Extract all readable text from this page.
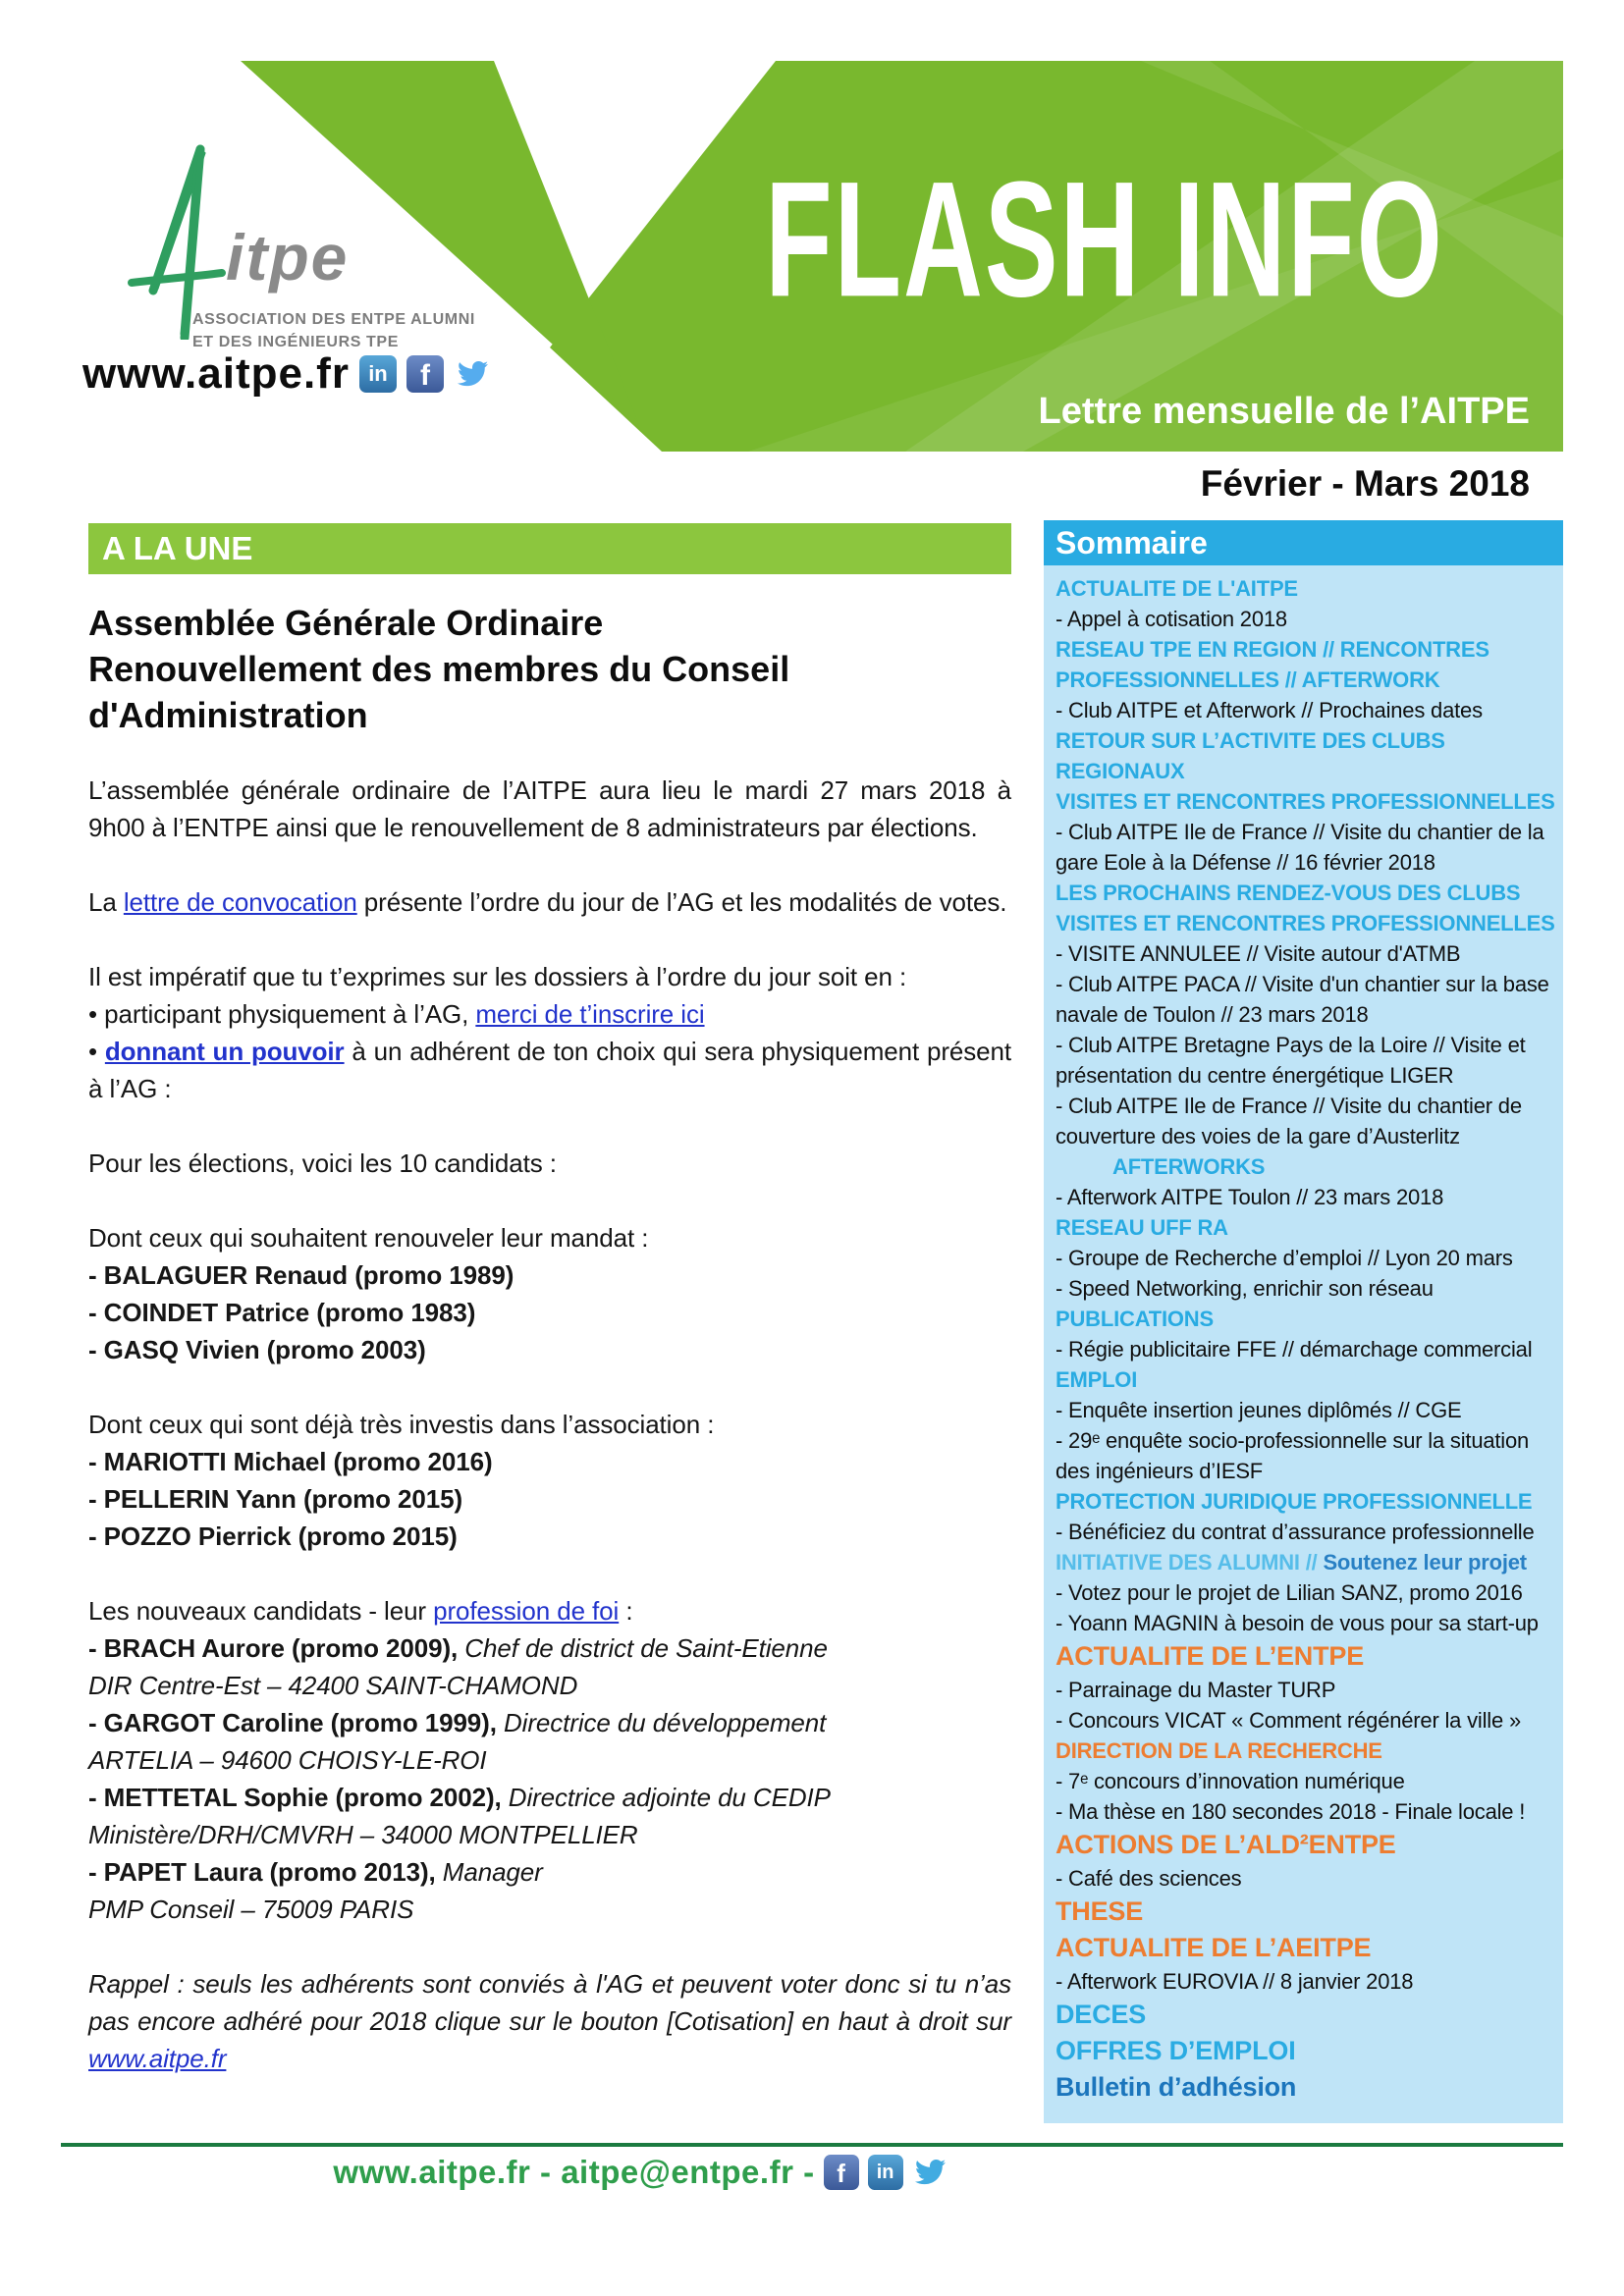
FLASH INFO
Lettre mensuelle de l’AITPE
itpe
ASSOCIATION DES ENTPE ALUMNI
ET DES INGÉNIEURS TPE
www.aitpe.fr in	f
Février - Mars 2018
A LA UNE
Assemblée Générale Ordinaire
Renouvellement des membres du Conseil d'Administration

L’assemblée générale ordinaire de l’AITPE aura lieu le mardi 27 mars 2018 à 9h00 à l’ENTPE ainsi que le renouvellement de 8 administrateurs par élections.

La lettre de convocation présente l’ordre du jour de l’AG et les modalités de votes.

Il est impératif que tu t’exprimes sur les dossiers à l’ordre du jour soit en :

• participant physiquement à l’AG, merci de t’inscrire ici

• donnant un pouvoir à un adhérent de ton choix qui sera physiquement présent à l’AG :

Pour les élections, voici les 10 candidats :

Dont ceux qui souhaitent renouveler leur mandat :

- BALAGUER Renaud (promo 1989)

- COINDET Patrice (promo 1983)

- GASQ Vivien (promo 2003)

Dont ceux qui sont déjà très investis dans l’association :

- MARIOTTI Michael (promo 2016)

- PELLERIN Yann (promo 2015)

- POZZO Pierrick (promo 2015)

Les nouveaux candidats - leur profession de foi :

- BRACH Aurore (promo 2009), Chef de district de Saint-Etienne

DIR Centre-Est – 42400 SAINT-CHAMOND

- GARGOT Caroline (promo 1999), Directrice du développement

ARTELIA – 94600 CHOISY-LE-ROI

- METTETAL Sophie (promo 2002), Directrice adjointe du CEDIP

Ministère/DRH/CMVRH – 34000 MONTPELLIER

- PAPET Laura (promo 2013), Manager

PMP Conseil – 75009 PARIS

Rappel : seuls les adhérents sont conviés à l'AG et peuvent voter donc si tu n’as pas encore adhéré pour 2018 clique sur le bouton [Cotisation] en haut à droit sur www.aitpe.fr

Sommaire
ACTUALITE DE L'AITPE
- Appel à cotisation 2018
RESEAU TPE EN REGION // RENCONTRES PROFESSIONNELLES // AFTERWORK
- Club AITPE et Afterwork // Prochaines dates
RETOUR SUR L’ACTIVITE DES CLUBS REGIONAUX
VISITES ET RENCONTRES PROFESSIONNELLES
- Club AITPE Ile de France // Visite du chantier de la gare Eole à la Défense // 16 février 2018
LES PROCHAINS RENDEZ-VOUS DES CLUBS
VISITES ET RENCONTRES PROFESSIONNELLES
- VISITE ANNULEE // Visite autour d'ATMB
- Club AITPE PACA // Visite d'un chantier sur la base navale de Toulon // 23 mars 2018
- Club AITPE Bretagne Pays de la Loire // Visite et présentation du centre énergétique LIGER
- Club AITPE Ile de France // Visite du chantier de couverture des voies de la gare d’Austerlitz
AFTERWORKS
- Afterwork AITPE Toulon // 23 mars 2018
RESEAU UFF RA
- Groupe de Recherche d’emploi // Lyon 20 mars
- Speed Networking, enrichir son réseau
PUBLICATIONS
- Régie publicitaire FFE // démarchage commercial
EMPLOI
- Enquête insertion jeunes diplômés // CGE
- 29ᵉ enquête socio-professionnelle sur la situation des ingénieurs d’IESF
PROTECTION JURIDIQUE PROFESSIONNELLE
- Bénéficiez du contrat d’assurance professionnelle
INITIATIVE DES ALUMNI // Soutenez leur projet
- Votez pour le projet de Lilian SANZ, promo 2016
- Yoann MAGNIN à besoin de vous pour sa start-up
ACTUALITE DE L’ENTPE
- Parrainage du Master TURP
- Concours VICAT « Comment régénérer la ville »
DIRECTION DE LA RECHERCHE
- 7ᵉ concours d’innovation numérique
- Ma thèse en 180 secondes 2018 - Finale locale !
ACTIONS DE L’ALD²ENTPE
- Café des sciences
THESE
ACTUALITE DE L’AEITPE
- Afterwork EUROVIA // 8 janvier 2018
DECES
OFFRES D’EMPLOI
Bulletin d’adhésion
www.aitpe.fr - aitpe@entpe.fr - f	in
